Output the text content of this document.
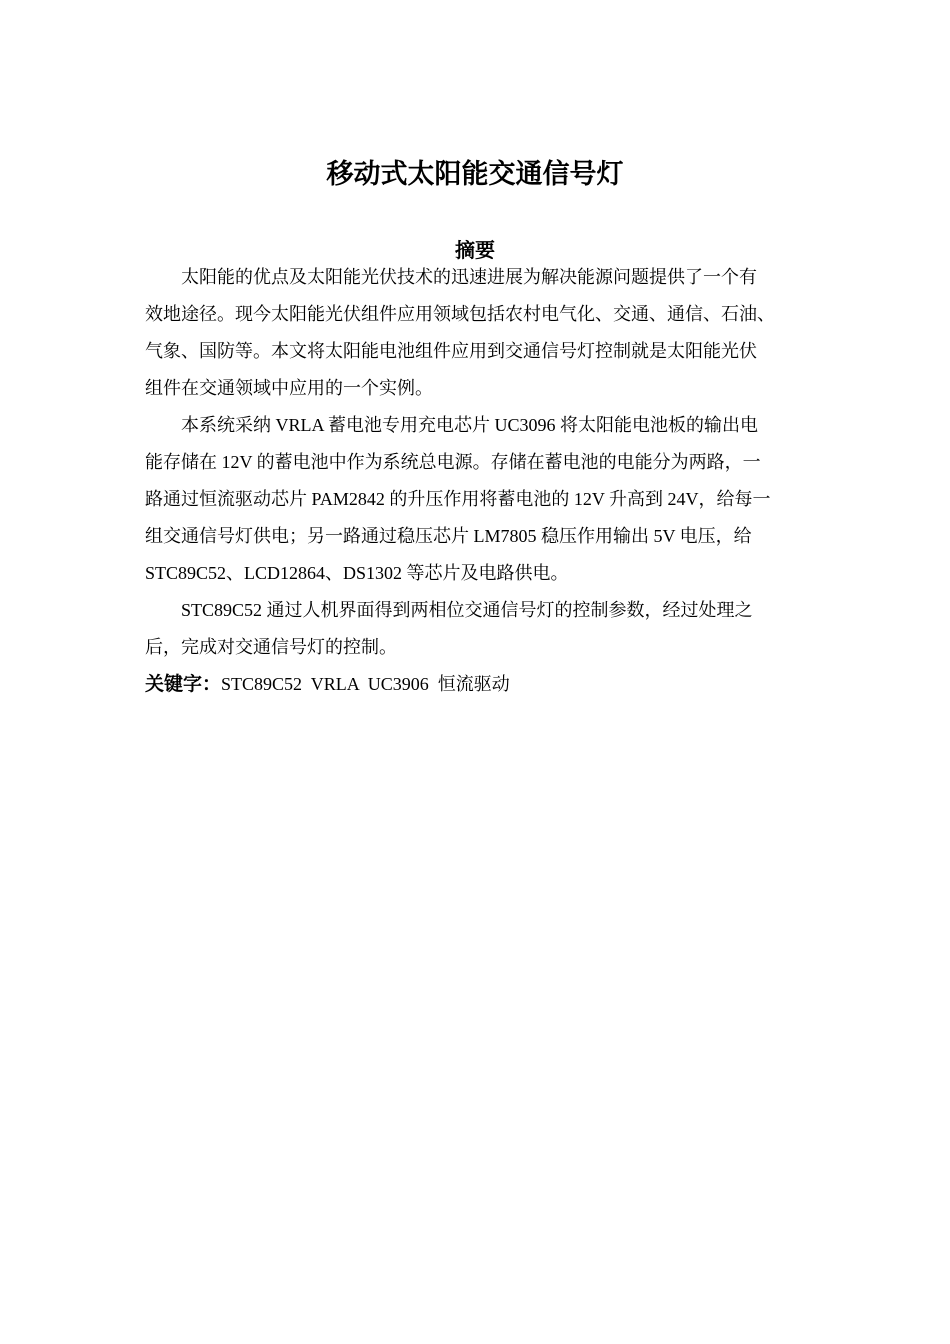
移动式太阳能交通信号灯
摘要

太阳能的优点及太阳能光伏技术的迅速进展为解决能源问题提供了一个有
效地途径。现今太阳能光伏组件应用领域包括农村电气化、交通、通信、石油、
气象、国防等。本文将太阳能电池组件应用到交通信号灯控制就是太阳能光伏
组件在交通领域中应用的一个实例。

本系统采纳 VRLA 蓄电池专用充电芯片 UC3096 将太阳能电池板的输出电
能存储在 12V 的蓄电池中作为系统总电源。存储在蓄电池的电能分为两路，一
路通过恒流驱动芯片 PAM2842 的升压作用将蓄电池的 12V 升高到 24V，给每一
组交通信号灯供电；另一路通过稳压芯片 LM7805 稳压作用输出 5V 电压，给
STC89C52、LCD12864、DS1302 等芯片及电路供电。

STC89C52 通过人机界面得到两相位交通信号灯的控制参数，经过处理之
后，完成对交通信号灯的控制。

关键字：STC89C52  VRLA  UC3906  恒流驱动
